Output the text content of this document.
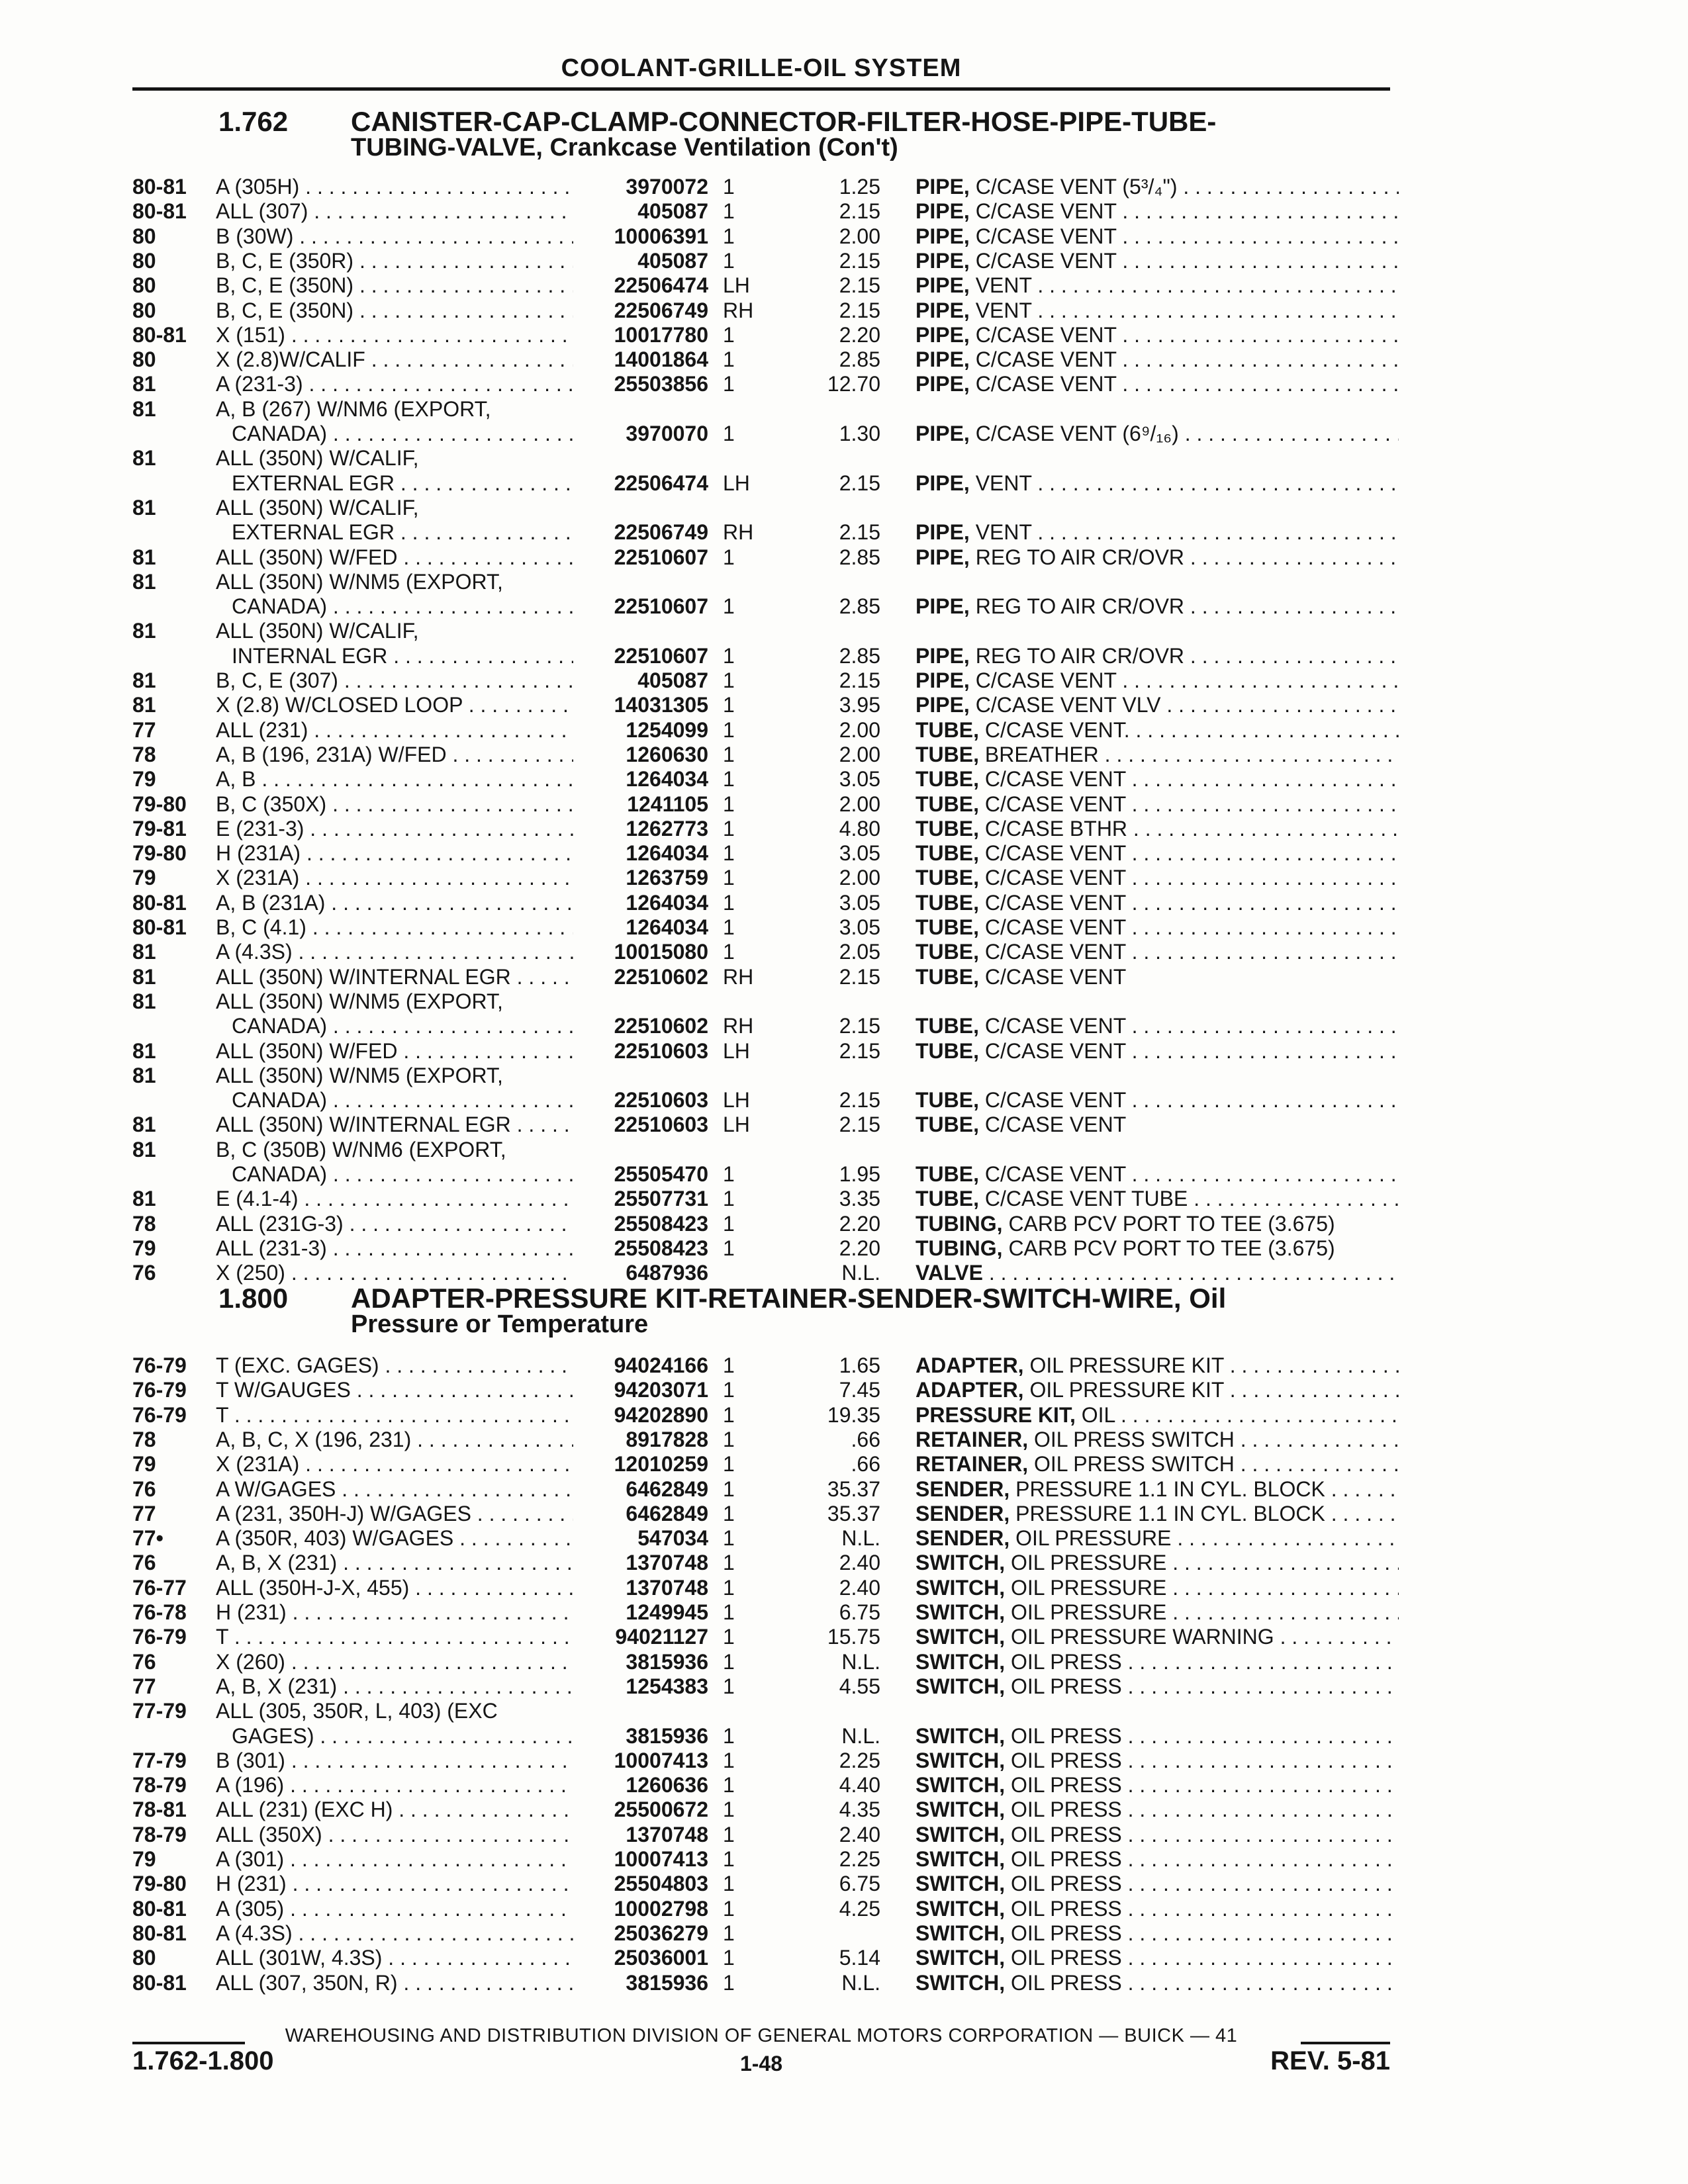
COOLANT-GRILLE-OIL SYSTEM
1.762 CANISTER-CAP-CLAMP-CONNECTOR-FILTER-HOSE-PIPE-TUBE-
TUBING-VALVE, Crankcase Ventilation (Con't)
80-81 A (305H) . . .	3970072 1	1.25 PIPE, C/CASE VENT (5³/₄") . . .
80-81 ALL (307) . . .	405087 1	2.15 PIPE, C/CASE VENT . . .
80	B (30W) . . .	10006391 1	2.00 PIPE, C/CASE VENT . . .
80	B, C, E (350R) . . .	405087 1	2.15 PIPE, C/CASE VENT . . .
80	B, C, E (350N) . . .	22506474 LH	2.15 PIPE, VENT . . .
80	B, C, E (350N) . . .	22506749 RH	2.15 PIPE, VENT . . .
80-81 X (151) . . .	10017780 1	2.20 PIPE, C/CASE VENT . . .
80	X (2.8)W/CALIF . . .	14001864 1	2.85 PIPE, C/CASE VENT . . .
81	A (231-3) . . .	25503856 1	12.70 PIPE, C/CASE VENT . . .
81	A, B (267) W/NM6 (EXPORT,
CANADA) . . .	3970070 1	1.30 PIPE, C/CASE VENT (6⁹/₁₆) . . .
81	ALL (350N) W/CALIF,
EXTERNAL EGR . . .	22506474 LH	2.15 PIPE, VENT . . .
81	ALL (350N) W/CALIF,
EXTERNAL EGR . . .	22506749 RH	2.15 PIPE, VENT . . .
81	ALL (350N) W/FED . . .	22510607 1	2.85 PIPE, REG TO AIR CR/OVR . . .
81	ALL (350N) W/NM5 (EXPORT,
CANADA) . . .	22510607 1	2.85 PIPE, REG TO AIR CR/OVR . . .
81	ALL (350N) W/CALIF,
INTERNAL EGR . . .	22510607 1	2.85 PIPE, REG TO AIR CR/OVR . . .
81	B, C, E (307) . . .	405087 1	2.15 PIPE, C/CASE VENT . . .
81	X (2.8) W/CLOSED LOOP . . .	14031305 1	3.95 PIPE, C/CASE VENT VLV . . .
77	ALL (231) . . .	1254099 1	2.00 TUBE, C/CASE VENT. . . .
78	A, B (196, 231A) W/FED . . .	1260630 1	2.00 TUBE, BREATHER . . .
79	A, B . . .	1264034 1	3.05 TUBE, C/CASE VENT . . .
79-80 B, C (350X) . . .	1241105 1	2.00 TUBE, C/CASE VENT . . .
79-81 E (231-3) . . .	1262773 1	4.80 TUBE, C/CASE BTHR . . .
79-80 H (231A) . . .	1264034 1	3.05 TUBE, C/CASE VENT . . .
79	X (231A) . . .	1263759 1	2.00 TUBE, C/CASE VENT . . .
80-81 A, B (231A) . . .	1264034 1	3.05 TUBE, C/CASE VENT . . .
80-81 B, C (4.1) . . .	1264034 1	3.05 TUBE, C/CASE VENT . . .
81	A (4.3S) . . .	10015080 1	2.05 TUBE, C/CASE VENT . . .
81	ALL (350N) W/INTERNAL EGR . . .	22510602 RH	2.15 TUBE, C/CASE VENT
81	ALL (350N) W/NM5 (EXPORT,
CANADA) . . .	22510602 RH	2.15 TUBE, C/CASE VENT . . .
81	ALL (350N) W/FED . . .	22510603 LH	2.15 TUBE, C/CASE VENT . . .
81	ALL (350N) W/NM5 (EXPORT,
CANADA) . . .	22510603 LH	2.15 TUBE, C/CASE VENT . . .
81	ALL (350N) W/INTERNAL EGR . . .	22510603 LH	2.15 TUBE, C/CASE VENT
81	B, C (350B) W/NM6 (EXPORT,
CANADA) . . .	25505470 1	1.95 TUBE, C/CASE VENT . . .
81	E (4.1-4) . . .	25507731 1	3.35 TUBE, C/CASE VENT TUBE . . .
78	ALL (231G-3) . . .	25508423 1	2.20 TUBING, CARB PCV PORT TO TEE (3.675)
79	ALL (231-3) . . .	25508423 1	2.20 TUBING, CARB PCV PORT TO TEE (3.675)
76	X (250) . . .	6487936	N.L. VALVE . . .
1.800 ADAPTER-PRESSURE KIT-RETAINER-SENDER-SWITCH-WIRE, Oil
Pressure or Temperature
76-79 T (EXC. GAGES) . . .	94024166 1	1.65 ADAPTER, OIL PRESSURE KIT . . .
76-79 T W/GAUGES . . .	94203071 1	7.45 ADAPTER, OIL PRESSURE KIT . . .
76-79 T . . .	94202890 1	19.35 PRESSURE KIT, OIL . . .
78	A, B, C, X (196, 231) . . .	8917828 1	.66 RETAINER, OIL PRESS SWITCH . . .
79	X (231A) . . .	12010259 1	.66 RETAINER, OIL PRESS SWITCH . . .
76	A W/GAGES . . .	6462849 1	35.37 SENDER, PRESSURE 1.1 IN CYL. BLOCK . . .
77	A (231, 350H-J) W/GAGES . . .	6462849 1	35.37 SENDER, PRESSURE 1.1 IN CYL. BLOCK . . .
77• A (350R, 403) W/GAGES . . .	547034 1	N.L. SENDER, OIL PRESSURE . . .
76	A, B, X (231) . . .	1370748 1	2.40 SWITCH, OIL PRESSURE . . .
76-77 ALL (350H-J-X, 455) . . .	1370748 1	2.40 SWITCH, OIL PRESSURE . . .
76-78 H (231) . . .	1249945 1	6.75 SWITCH, OIL PRESSURE . . .
76-79 T . . .	94021127 1	15.75 SWITCH, OIL PRESSURE WARNING . . .
76	X (260) . . .	3815936 1	N.L. SWITCH, OIL PRESS . . .
77	A, B, X (231) . . .	1254383 1	4.55 SWITCH, OIL PRESS . . .
77-79 ALL (305, 350R, L, 403) (EXC
GAGES) . . .	3815936 1	N.L. SWITCH, OIL PRESS . . .
77-79 B (301) . . .	10007413 1	2.25 SWITCH, OIL PRESS . . .
78-79 A (196) . . .	1260636 1	4.40 SWITCH, OIL PRESS . . .
78-81 ALL (231) (EXC H) . . .	25500672 1	4.35 SWITCH, OIL PRESS . . .
78-79 ALL (350X) . . .	1370748 1	2.40 SWITCH, OIL PRESS . . .
79	A (301) . . .	10007413 1	2.25 SWITCH, OIL PRESS . . .
79-80 H (231) . . .	25504803 1	6.75 SWITCH, OIL PRESS . . .
80-81 A (305) . . .	10002798 1	4.25 SWITCH, OIL PRESS . . .
80-81 A (4.3S) . . .	25036279 1	SWITCH, OIL PRESS . . .
80	ALL (301W, 4.3S) . . .	25036001 1	5.14 SWITCH, OIL PRESS . . .
80-81 ALL (307, 350N, R) . . .	3815936 1	N.L. SWITCH, OIL PRESS . . .
WAREHOUSING AND DISTRIBUTION DIVISION OF GENERAL MOTORS CORPORATION — BUICK — 41
1.762-1.800	1-48	REV. 5-81
